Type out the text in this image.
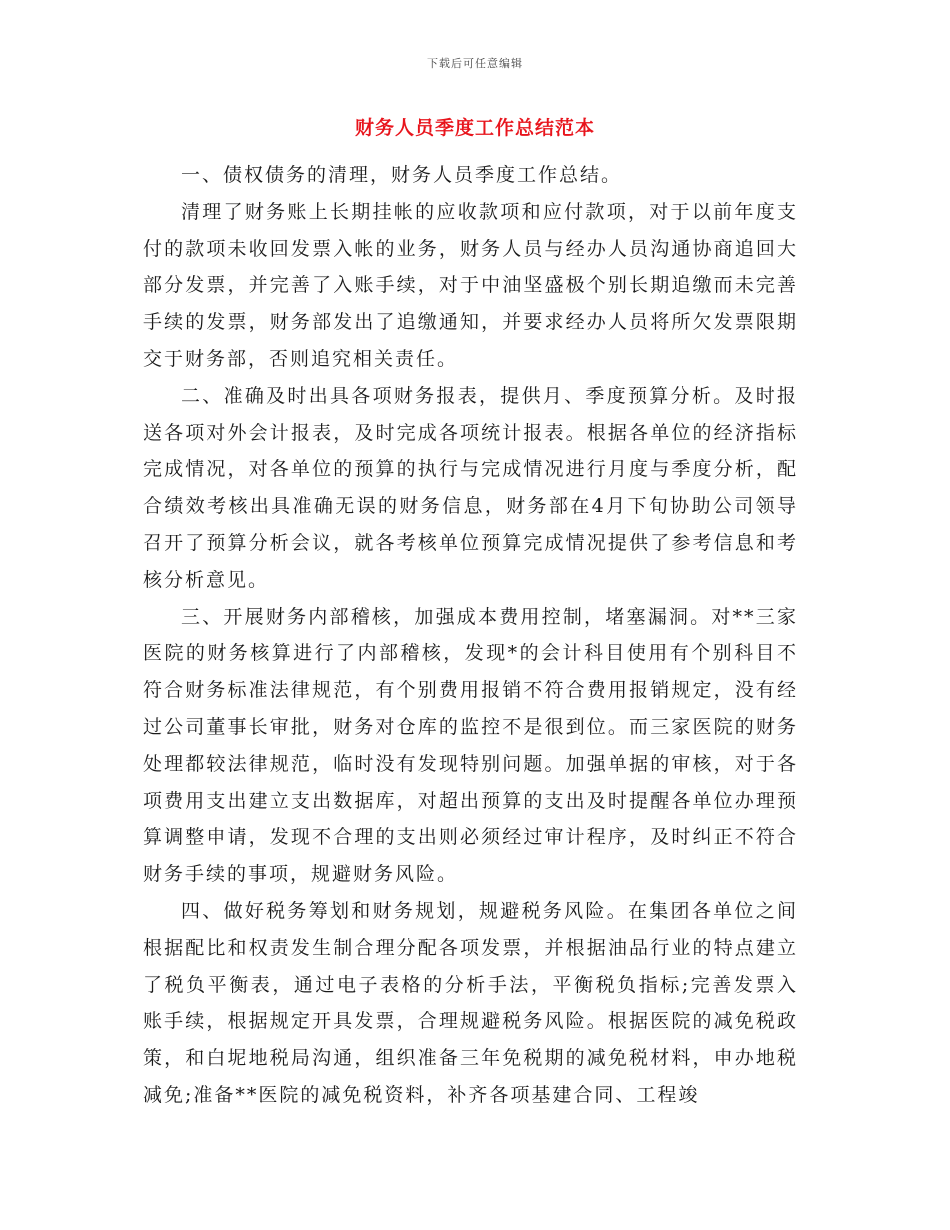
下载后可任意编辑
财务人员季度工作总结范本

一、债权债务的清理，财务人员季度工作总结。

清理了财务账上长期挂帐的应收款项和应付款项，对于以前年度支付的款项未收回发票入帐的业务，财务人员与经办人员沟通协商追回大部分发票，并完善了入账手续，对于中油坚盛极个别长期追缴而未完善手续的发票，财务部发出了追缴通知，并要求经办人员将所欠发票限期交于财务部，否则追究相关责任。

二、准确及时出具各项财务报表，提供月、季度预算分析。及时报送各项对外会计报表，及时完成各项统计报表。根据各单位的经济指标完成情况，对各单位的预算的执行与完成情况进行月度与季度分析，配合绩效考核出具准确无误的财务信息，财务部在4月下旬协助公司领导召开了预算分析会议，就各考核单位预算完成情况提供了参考信息和考核分析意见。

三、开展财务内部稽核，加强成本费用控制，堵塞漏洞。对**三家医院的财务核算进行了内部稽核，发现*的会计科目使用有个别科目不符合财务标准法律规范，有个别费用报销不符合费用报销规定，没有经过公司董事长审批，财务对仓库的监控不是很到位。而三家医院的财务处理都较法律规范，临时没有发现特别问题。加强单据的审核，对于各项费用支出建立支出数据库，对超出预算的支出及时提醒各单位办理预算调整申请，发现不合理的支出则必须经过审计程序，及时纠正不符合财务手续的事项，规避财务风险。

四、做好税务筹划和财务规划，规避税务风险。在集团各单位之间根据配比和权责发生制合理分配各项发票，并根据油品行业的特点建立了税负平衡表，通过电子表格的分析手法，平衡税负指标;完善发票入账手续，根据规定开具发票，合理规避税务风险。根据医院的减免税政策，和白坭地税局沟通，组织准备三年免税期的减免税材料，申办地税减免;准备**医院的减免税资料，补齐各项基建合同、工程竣
